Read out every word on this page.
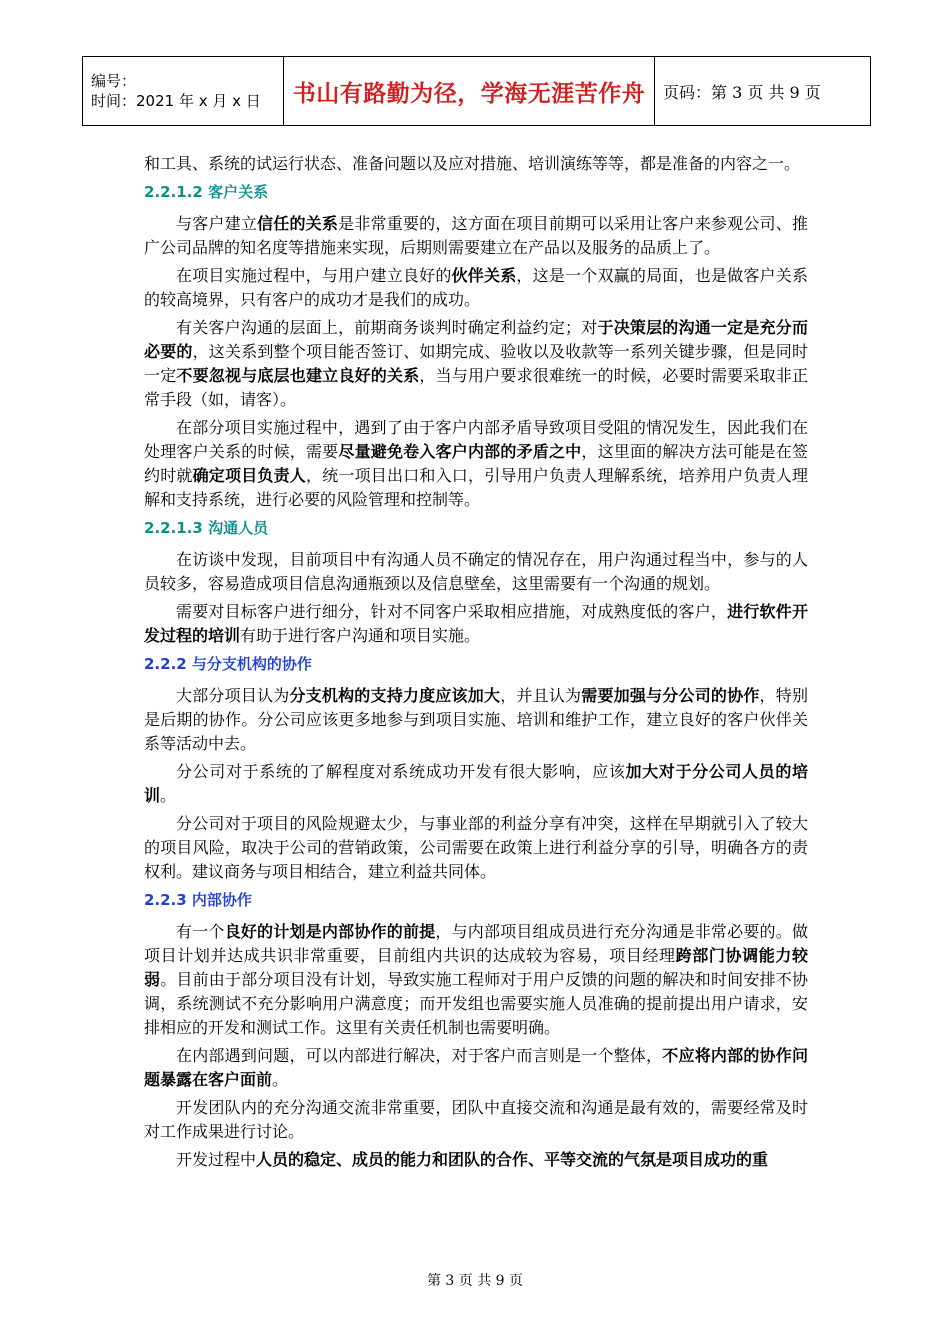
编号：
时间：2021 年 x 月 x 日	书山有路勤为径，学海无涯苦作舟	页码：第 3 页 共 9 页

和工具、系统的试运行状态、准备问题以及应对措施、培训演练等等，都是准备的内容之一。

2.2.1.2 客户关系

与客户建立信任的关系是非常重要的，这方面在项目前期可以采用让客户来参观公司、推广公司品牌的知名度等措施来实现，后期则需要建立在产品以及服务的品质上了。

在项目实施过程中，与用户建立良好的伙伴关系，这是一个双赢的局面，也是做客户关系的较高境界，只有客户的成功才是我们的成功。

有关客户沟通的层面上，前期商务谈判时确定利益约定；对于决策层的沟通一定是充分而必要的，这关系到整个项目能否签订、如期完成、验收以及收款等一系列关键步骤，但是同时一定不要忽视与底层也建立良好的关系，当与用户要求很难统一的时候，必要时需要采取非正常手段（如，请客）。

在部分项目实施过程中，遇到了由于客户内部矛盾导致项目受阻的情况发生，因此我们在处理客户关系的时候，需要尽量避免卷入客户内部的矛盾之中，这里面的解决方法可能是在签约时就确定项目负责人，统一项目出口和入口，引导用户负责人理解系统，培养用户负责人理解和支持系统，进行必要的风险管理和控制等。

2.2.1.3 沟通人员

在访谈中发现，目前项目中有沟通人员不确定的情况存在，用户沟通过程当中，参与的人员较多，容易造成项目信息沟通瓶颈以及信息壁垒，这里需要有一个沟通的规划。

需要对目标客户进行细分，针对不同客户采取相应措施，对成熟度低的客户，进行软件开发过程的培训有助于进行客户沟通和项目实施。

2.2.2 与分支机构的协作

大部分项目认为分支机构的支持力度应该加大，并且认为需要加强与分公司的协作，特别是后期的协作。分公司应该更多地参与到项目实施、培训和维护工作，建立良好的客户伙伴关系等活动中去。

分公司对于系统的了解程度对系统成功开发有很大影响，应该加大对于分公司人员的培训。

分公司对于项目的风险规避太少，与事业部的利益分享有冲突，这样在早期就引入了较大的项目风险，取决于公司的营销政策，公司需要在政策上进行利益分享的引导，明确各方的责权利。建议商务与项目相结合，建立利益共同体。

2.2.3 内部协作

有一个良好的计划是内部协作的前提，与内部项目组成员进行充分沟通是非常必要的。做项目计划并达成共识非常重要，目前组内共识的达成较为容易，项目经理跨部门协调能力较弱。目前由于部分项目没有计划，导致实施工程师对于用户反馈的问题的解决和时间安排不协调，系统测试不充分影响用户满意度；而开发组也需要实施人员准确的提前提出用户请求，安排相应的开发和测试工作。这里有关责任机制也需要明确。

在内部遇到问题，可以内部进行解决，对于客户而言则是一个整体，不应将内部的协作问题暴露在客户面前。

开发团队内的充分沟通交流非常重要，团队中直接交流和沟通是最有效的，需要经常及时对工作成果进行讨论。

开发过程中人员的稳定、成员的能力和团队的合作、平等交流的气氛是项目成功的重

第 3 页 共 9 页
